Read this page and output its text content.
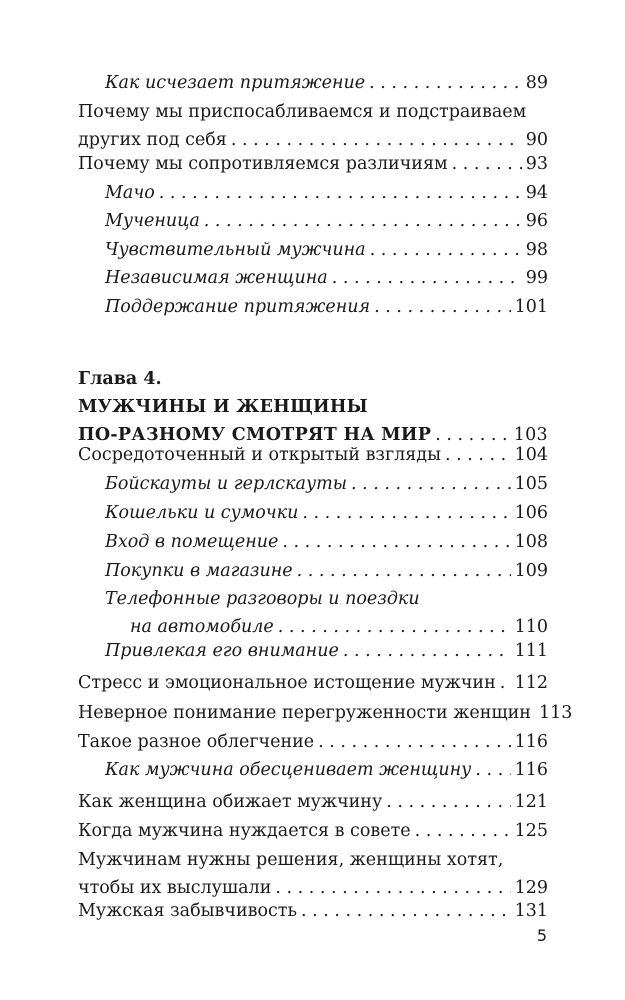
Как исчезает притяжение . . .	89
Почему мы приспосабливаемся и подстраиваем
других под себя . . .	90
Почему мы сопротивляемся различиям . . .	93
Мачо . . .	94
Мученица . . .	96
Чувствительный мужчина . . .	98
Независимая женщина . . .	99
Поддержание притяжения . . .	101
Глава 4.
МУЖЧИНЫ И ЖЕНЩИНЫ
ПО-РАЗНОМУ СМОТРЯТ НА МИР . . .	103
Сосредоточенный и открытый взгляды . . .	104
Бойскауты и герлскауты . . .	105
Кошельки и сумочки . . .	106
Вход в помещение . . .	108
Покупки в магазине . . .	109
Телефонные разговоры и поездки
на автомобиле . . .	110
Привлекая его внимание . . .	111
Стресс и эмоциональное истощение мужчин . . . 112
Неверное понимание перегруженности женщин 113
Такое разное облегчение . . .	116
Как мужчина обесценивает женщину . . . 116
Как женщина обижает мужчину . . .	121
Когда мужчина нуждается в совете . . .	125
Мужчинам нужны решения, женщины хотят,
чтобы их выслушали . . .	129
Мужская забывчивость . . .	131
5
